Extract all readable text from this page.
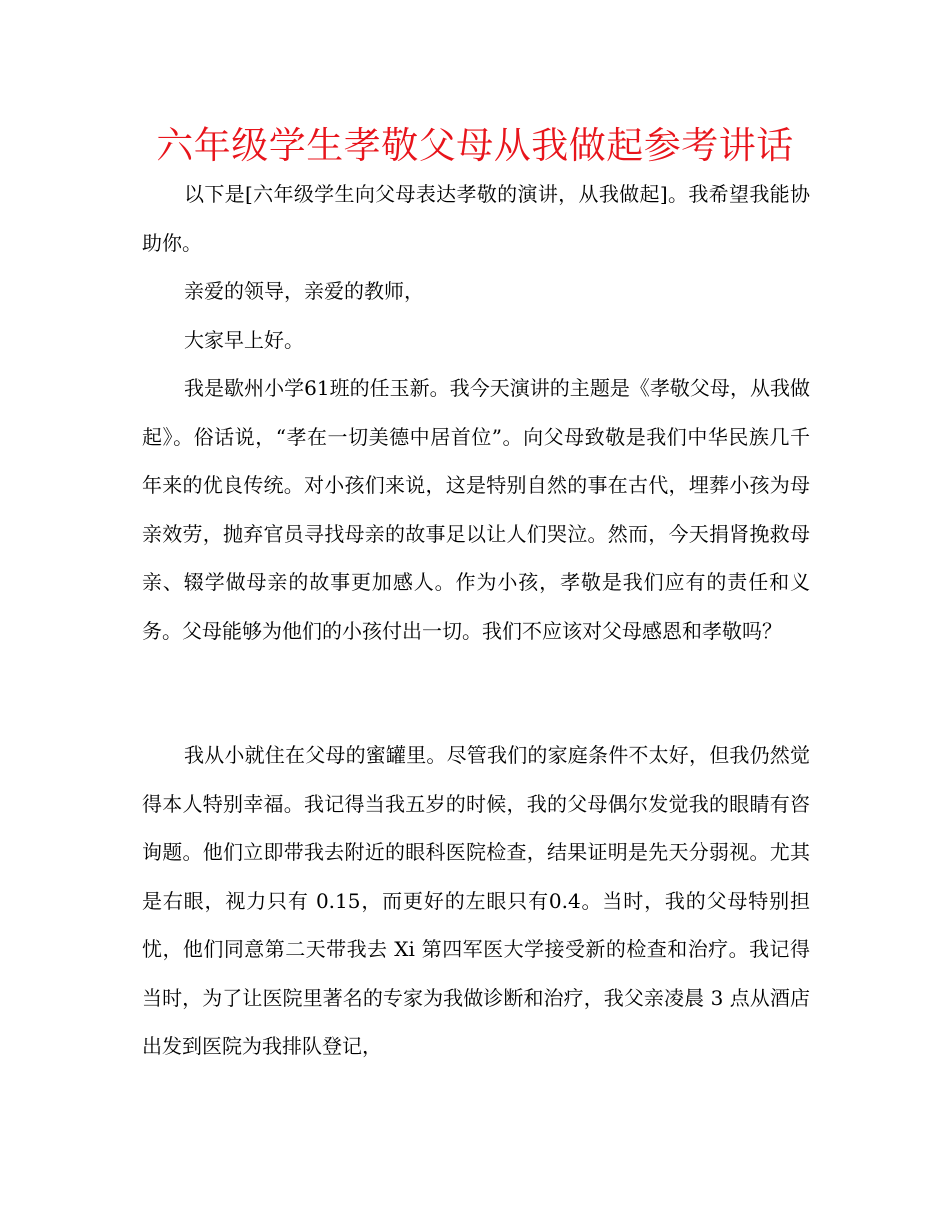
六年级学生孝敬父母从我做起参考讲话

以下是[六年级学生向父母表达孝敬的演讲，从我做起]。我希望我能协助你。

亲爱的领导，亲爱的教师，

大家早上好。

我是歇州小学61班的任玉新。我今天演讲的主题是《孝敬父母，从我做起》。俗话说，“孝在一切美德中居首位”。向父母致敬是我们中华民族几千年来的优良传统。对小孩们来说，这是特别自然的事在古代，埋葬小孩为母亲效劳，抛弃官员寻找母亲的故事足以让人们哭泣。然而，今天捐肾挽救母亲、辍学做母亲的故事更加感人。作为小孩，孝敬是我们应有的责任和义务。父母能够为他们的小孩付出一切。我们不应该对父母感恩和孝敬吗？

我从小就住在父母的蜜罐里。尽管我们的家庭条件不太好，但我仍然觉得本人特别幸福。我记得当我五岁的时候，我的父母偶尔发觉我的眼睛有咨询题。他们立即带我去附近的眼科医院检查，结果证明是先天分弱视。尤其是右眼，视力只有 0.15，而更好的左眼只有0.4。当时，我的父母特别担忧，他们同意第二天带我去 Xi 第四军医大学接受新的检查和治疗。我记得当时，为了让医院里著名的专家为我做诊断和治疗，我父亲凌晨 3 点从酒店出发到医院为我排队登记，
